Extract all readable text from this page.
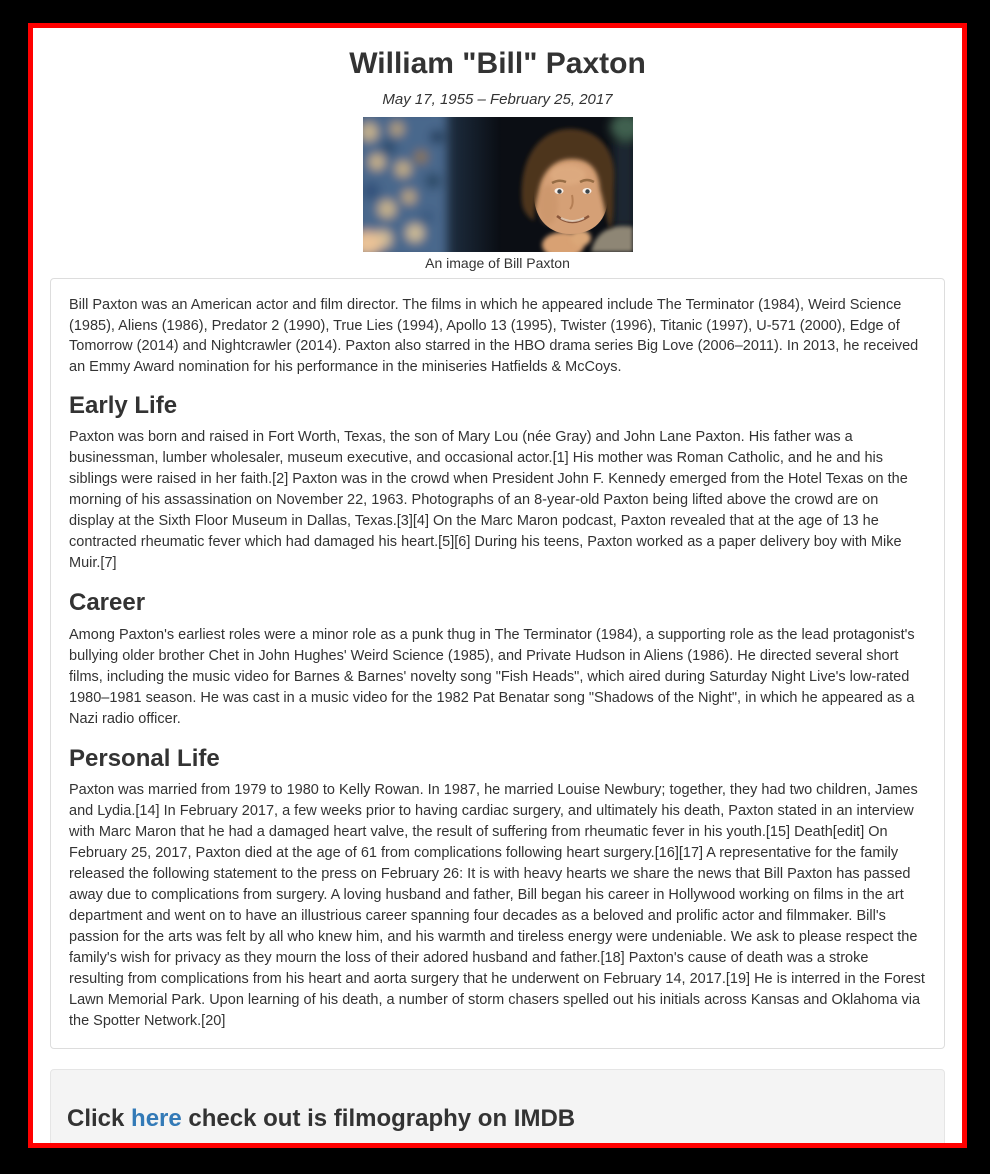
William "Bill" Paxton

May 17, 1955 – February 25, 2017

An image of Bill Paxton

Bill Paxton was an American actor and film director. The films in which he appeared include The Terminator (1984), Weird Science (1985), Aliens (1986), Predator 2 (1990), True Lies (1994), Apollo 13 (1995), Twister (1996), Titanic (1997), U-571 (2000), Edge of Tomorrow (2014) and Nightcrawler (2014). Paxton also starred in the HBO drama series Big Love (2006–2011). In 2013, he received an Emmy Award nomination for his performance in the miniseries Hatfields & McCoys.

Early Life

Paxton was born and raised in Fort Worth, Texas, the son of Mary Lou (née Gray) and John Lane Paxton. His father was a businessman, lumber wholesaler, museum executive, and occasional actor.[1] His mother was Roman Catholic, and he and his siblings were raised in her faith.[2] Paxton was in the crowd when President John F. Kennedy emerged from the Hotel Texas on the morning of his assassination on November 22, 1963. Photographs of an 8-year-old Paxton being lifted above the crowd are on display at the Sixth Floor Museum in Dallas, Texas.[3][4] On the Marc Maron podcast, Paxton revealed that at the age of 13 he contracted rheumatic fever which had damaged his heart.[5][6] During his teens, Paxton worked as a paper delivery boy with Mike Muir.[7]

Career

Among Paxton's earliest roles were a minor role as a punk thug in The Terminator (1984), a supporting role as the lead protagonist's bullying older brother Chet in John Hughes' Weird Science (1985), and Private Hudson in Aliens (1986). He directed several short films, including the music video for Barnes & Barnes' novelty song "Fish Heads", which aired during Saturday Night Live's low-rated 1980–1981 season. He was cast in a music video for the 1982 Pat Benatar song "Shadows of the Night", in which he appeared as a Nazi radio officer.

Personal Life

Paxton was married from 1979 to 1980 to Kelly Rowan. In 1987, he married Louise Newbury; together, they had two children, James and Lydia.[14] In February 2017, a few weeks prior to having cardiac surgery, and ultimately his death, Paxton stated in an interview with Marc Maron that he had a damaged heart valve, the result of suffering from rheumatic fever in his youth.[15] Death[edit] On February 25, 2017, Paxton died at the age of 61 from complications following heart surgery.[16][17] A representative for the family released the following statement to the press on February 26: It is with heavy hearts we share the news that Bill Paxton has passed away due to complications from surgery. A loving husband and father, Bill began his career in Hollywood working on films in the art department and went on to have an illustrious career spanning four decades as a beloved and prolific actor and filmmaker. Bill's passion for the arts was felt by all who knew him, and his warmth and tireless energy were undeniable. We ask to please respect the family's wish for privacy as they mourn the loss of their adored husband and father.[18] Paxton's cause of death was a stroke resulting from complications from his heart and aorta surgery that he underwent on February 14, 2017.[19] He is interred in the Forest Lawn Memorial Park. Upon learning of his death, a number of storm chasers spelled out his initials across Kansas and Oklahoma via the Spotter Network.[20]

Click here check out is filmography on IMDB
